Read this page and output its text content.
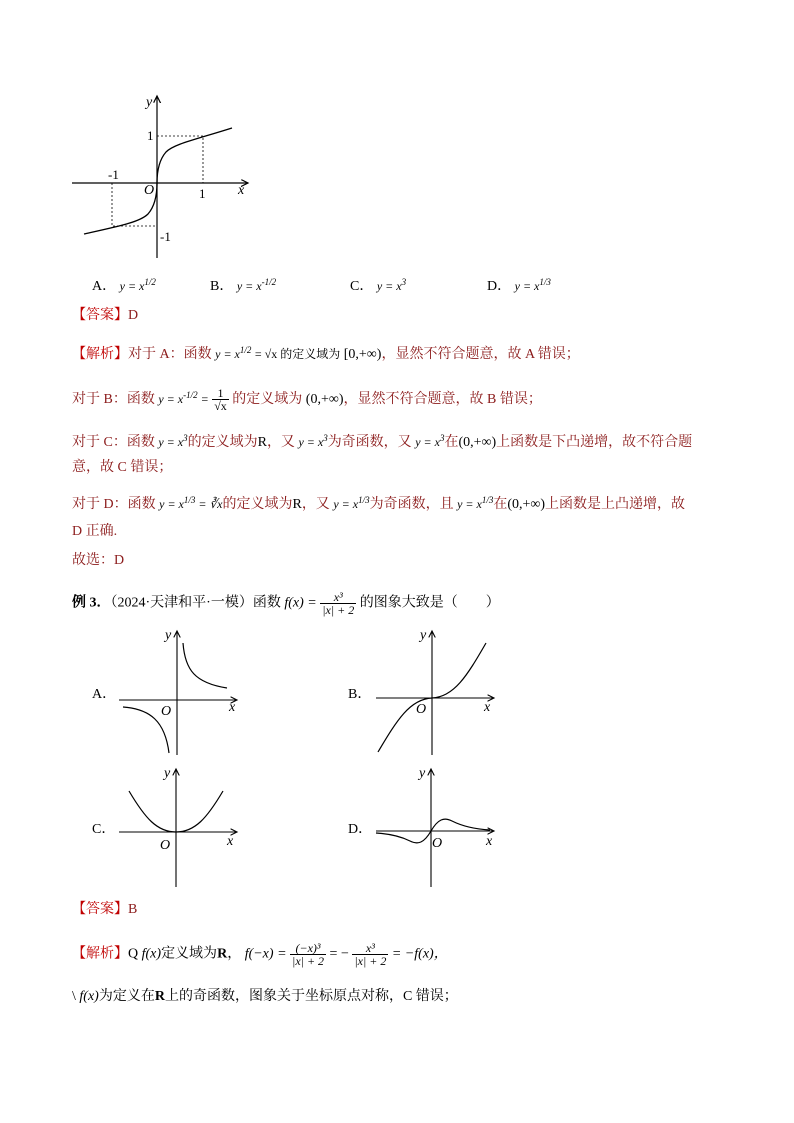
y
x
O
-1
1
1
-1
A． $y = x^{1/2}$	B． $y = x^{-1/2}$	C． $y = x^3$	D． $y = x^{1/3}$
【答案】D
【解析】对于 A：函数 $y = x^{1/2} = √x$ 的定义域为 [0,+∞)，显然不符合题意，故 A 错误；
对于 B：函数 $y = x^{-1/2} = \frac{1}{√x}$ 的定义域为 (0,+∞)，显然不符合题意，故 B 错误；
对于 C：函数 $y = x^3$的定义域为R，又 $y = x^3$为奇函数，又 $y = x^3$在(0,+∞)上函数是下凸递增，故不符合题
意，故 C 错误；
对于 D：函数 $y = x^{1/3}$ = ∛x的定义域为R，又 $y = x^{1/3}$为奇函数，且 $y = x^{1/3}$在(0,+∞)上函数是上凸递增，故
D 正确.
故选：D
例 3．（2024·天津和平·一模）函数 $f(x) = \frac{\text{x³}}{|x| + 2}$ 的图象大致是（　　）
A．
y
x
O
B．
y
x
O
C．
y
x
O
D．
y
x
O
【答案】B
【解析】Q f(x)定义域为R， $f(-x) = \frac{\text{(−x)³}}{|x| + 2}$ = − $\frac{\text{x³}}{|x| + 2} = -f(x)$，
\ f(x)为定义在R上的奇函数，图象关于坐标原点对称，C 错误；
